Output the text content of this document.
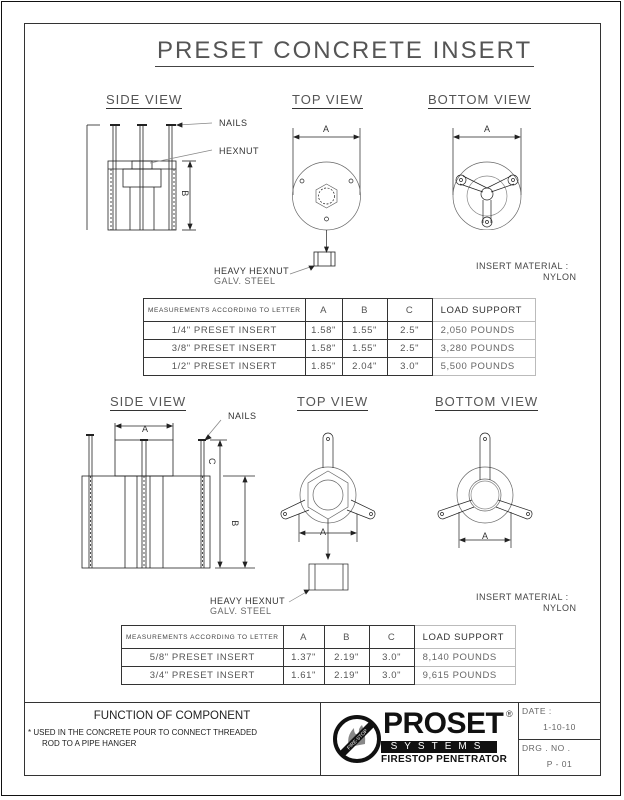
PRESET CONCRETE INSERT
SIDE VIEW	TOP VIEW	BOTTOM VIEW
NAILS
HEXNUT
B
A	A
HEAVY HEXNUT
GALV. STEEL
INSERT MATERIAL :
NYLON
MEASUREMENTS ACCORDING TO LETTER	A	B	C	LOAD SUPPORT
1/4" PRESET INSERT	1.58"	1.55"	2.5"	2,050 POUNDS
3/8" PRESET INSERT	1.58"	1.55"	2.5"	3,280 POUNDS
1/2" PRESET INSERT	1.85"	2.04"	3.0"	5,500 POUNDS
SIDE VIEW	TOP VIEW	BOTTOM VIEW
A
NAILS
C
B
A	A
HEAVY HEXNUT
GALV. STEEL
INSERT MATERIAL :
NYLON
MEASUREMENTS ACCORDING TO LETTER	A	B	C	LOAD SUPPORT
5/8" PRESET INSERT	1.37"	2.19"	3.0"	8,140 POUNDS
3/4" PRESET INSERT	1.61"	2.19"	3.0"	9,615 POUNDS
FUNCTION OF COMPONENT
* USED IN THE CONCRETE POUR TO CONNECT THREADED
ROD TO A PIPE HANGER	FIRE-STOP PROSET ®
SYSTEMS
FIRESTOP PENETRATOR
DATE :
1-10-10
DRG . NO .
P - 01
